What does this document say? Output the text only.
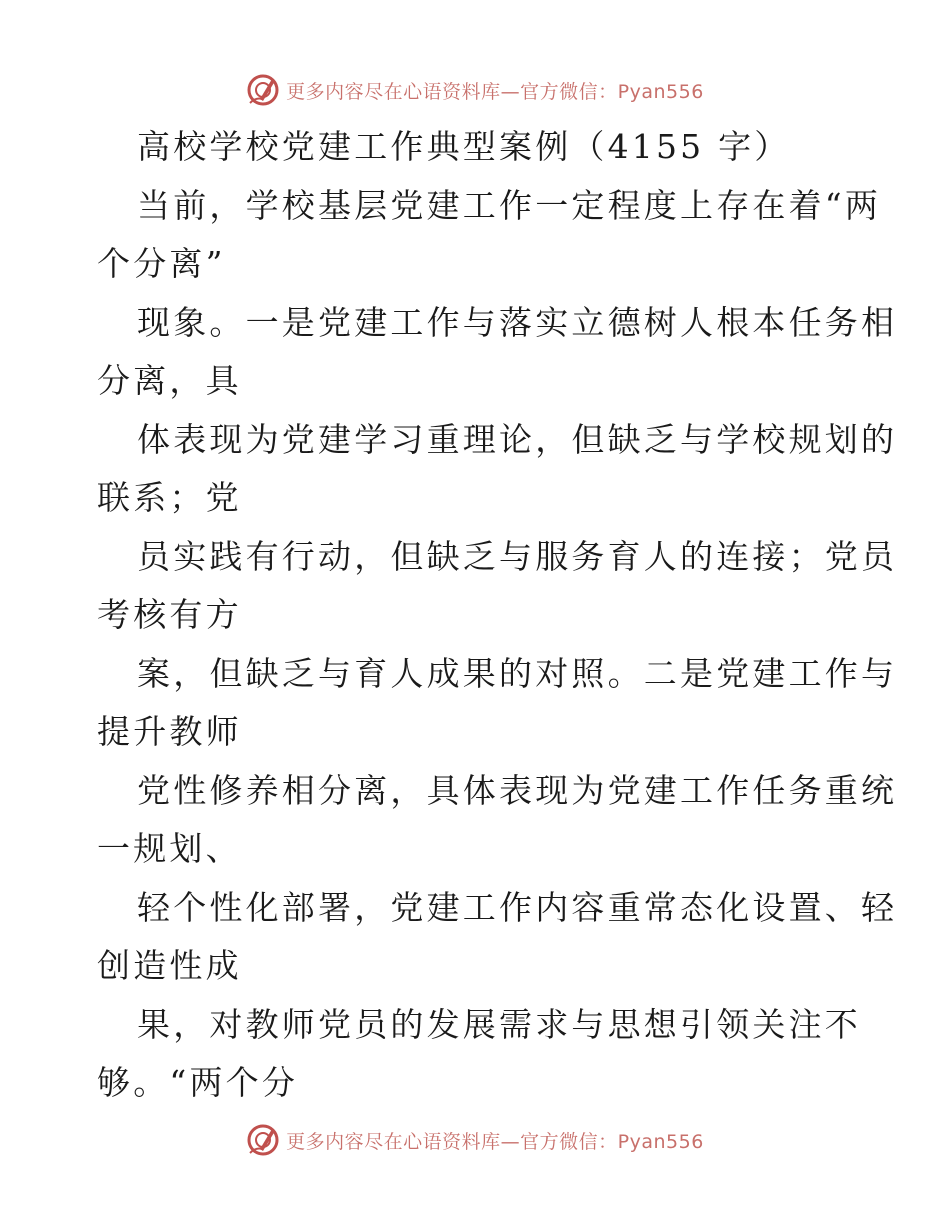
更多内容尽在心语资料库—官方微信：Pyan556
高校学校党建工作典型案例（4155 字）
当前，学校基层党建工作一定程度上存在着“两
个分离”
现象。一是党建工作与落实立德树人根本任务相
分离，具
体表现为党建学习重理论，但缺乏与学校规划的
联系；党
员实践有行动，但缺乏与服务育人的连接；党员
考核有方
案，但缺乏与育人成果的对照。二是党建工作与
提升教师
党性修养相分离，具体表现为党建工作任务重统
一规划、
轻个性化部署，党建工作内容重常态化设置、轻
创造性成
果，对教师党员的发展需求与思想引领关注不
够。“两个分
更多内容尽在心语资料库—官方微信：Pyan556
